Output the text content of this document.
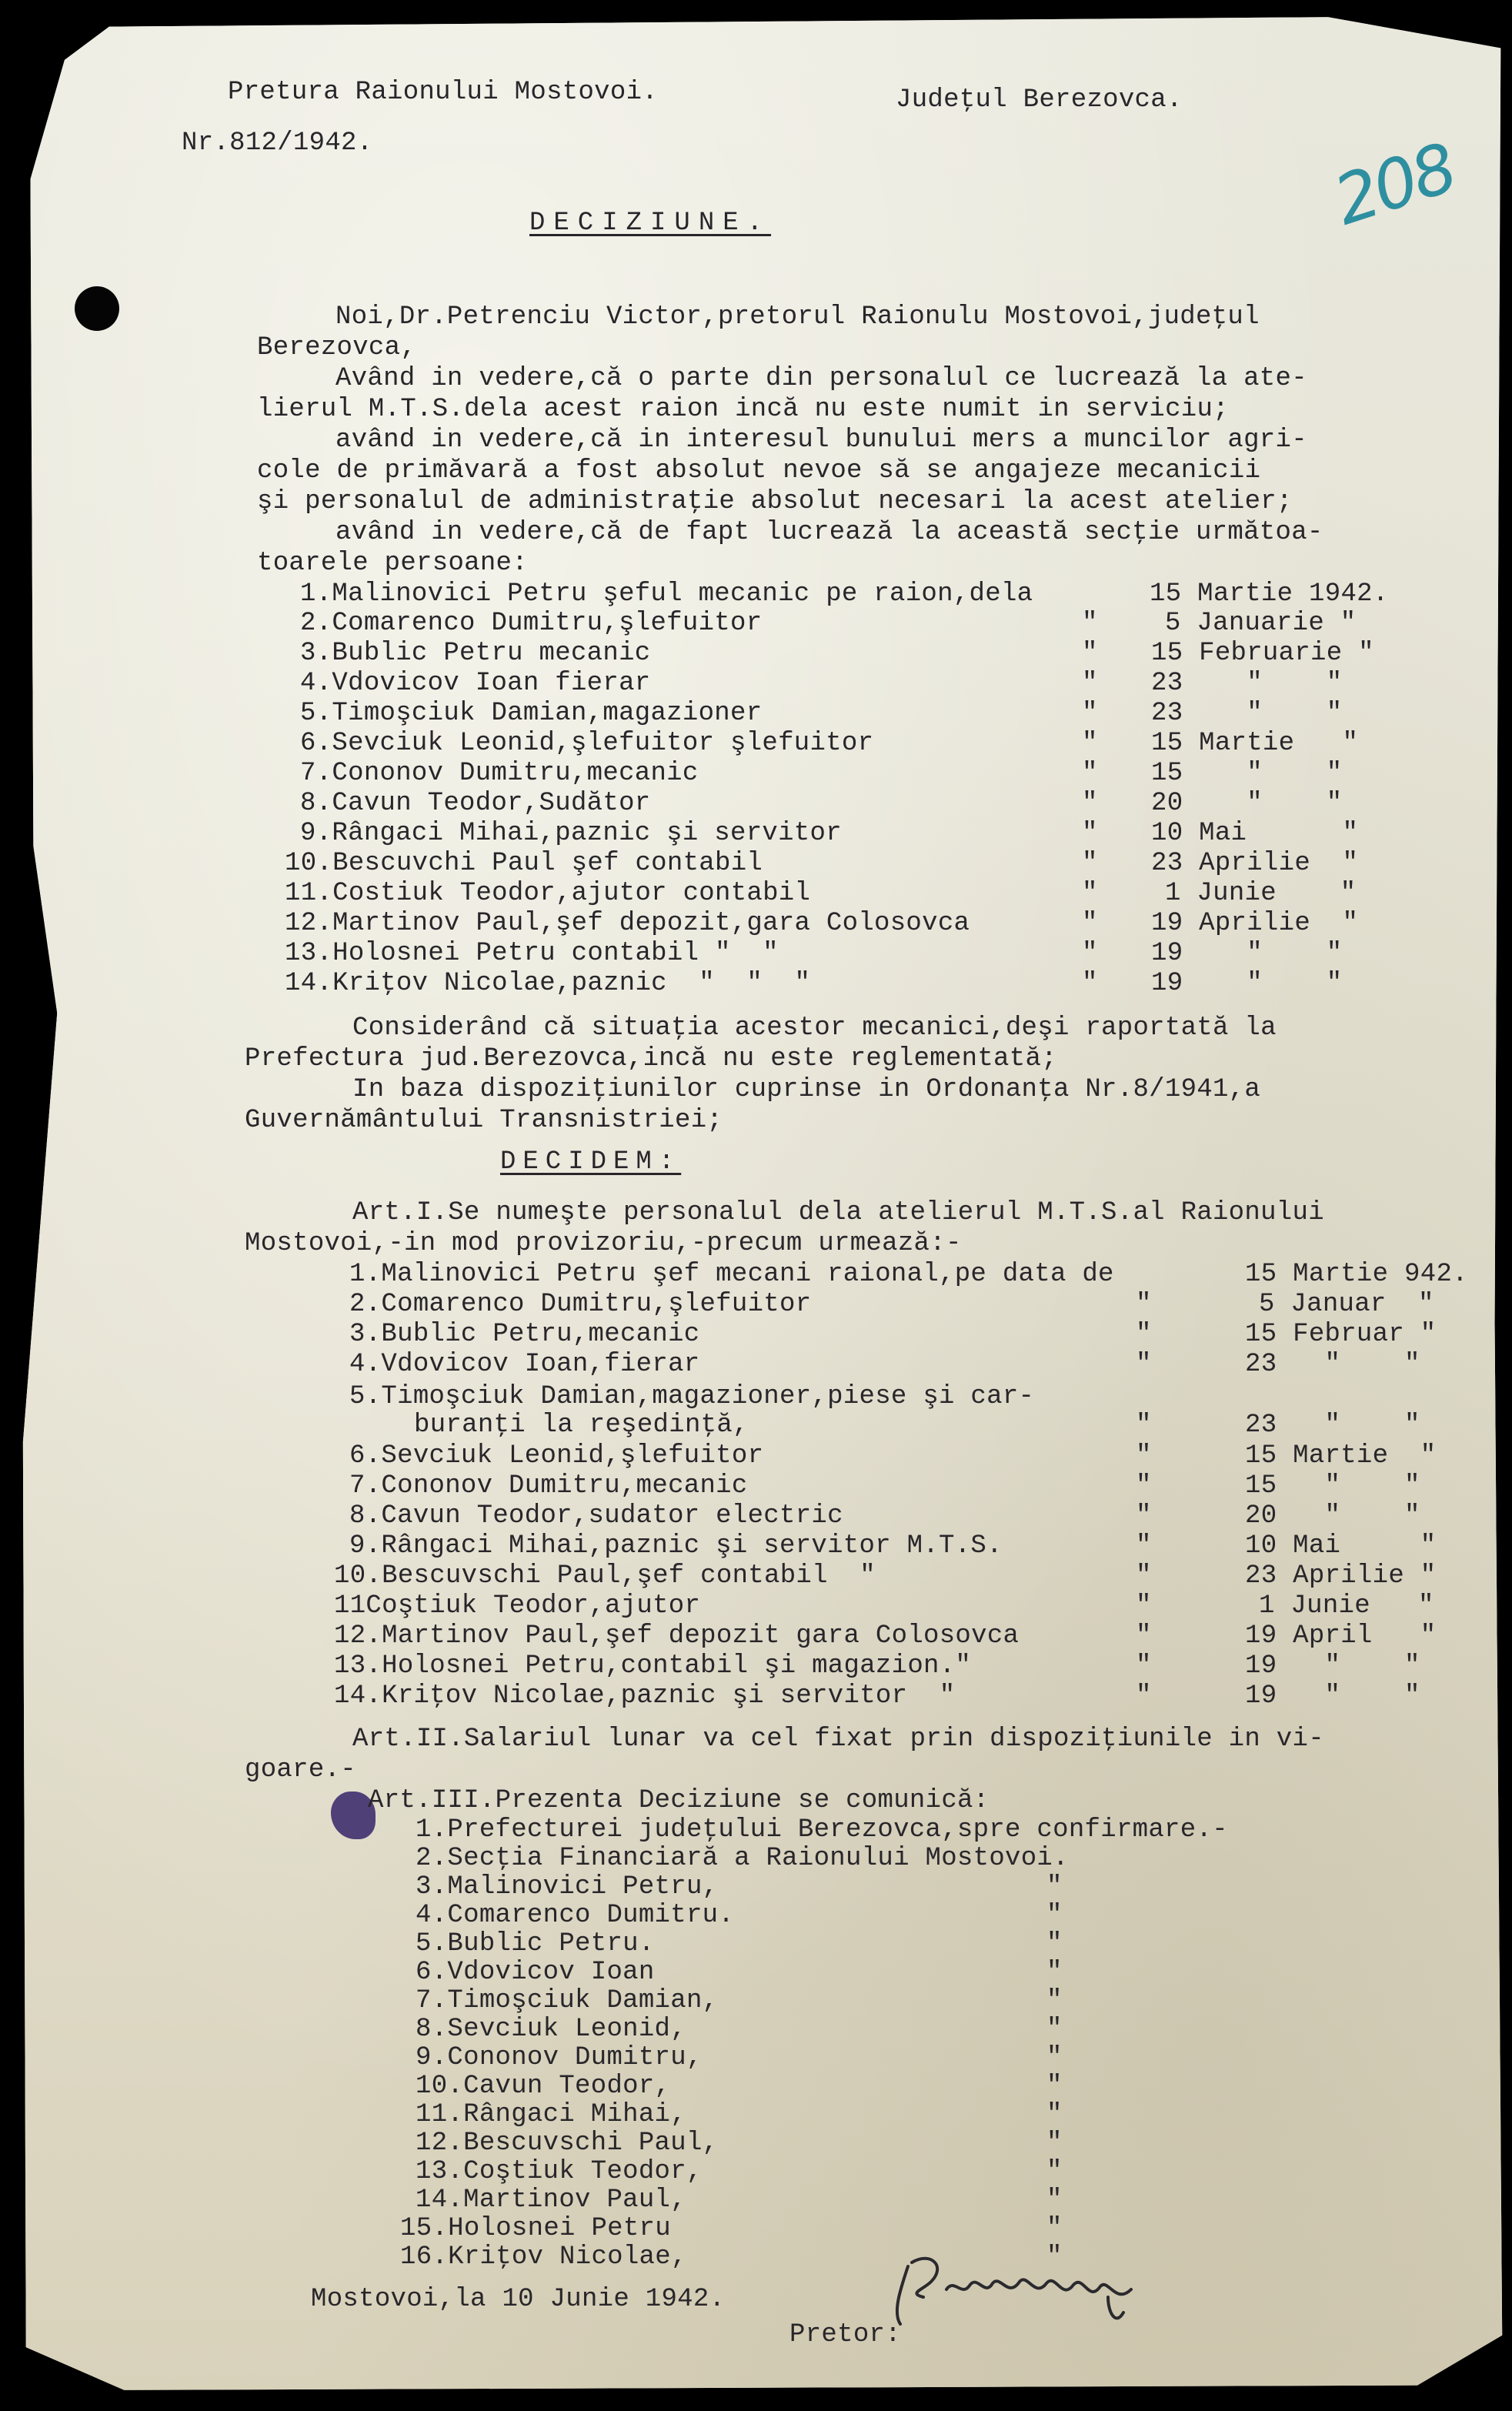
208
Pretura Raionului Mostovoi.	Judeţul Berezovca.
Nr.812/1942.
DECIZIUNE.
Noi,Dr.Petrenciu Victor,pretorul Raionulu Mostovoi,judeţul
Berezovca,
Având in vedere,că o parte din personalul ce lucrează la ate-
lierul M.T.S.dela acest raion incă nu este numit in serviciu;
având in vedere,că in interesul bunului mers a muncilor agri-
cole de primăvară a fost absolut nevoe să se angajeze mecanicii
şi personalul de administraţie absolut necesari la acest atelier;
având in vedere,că de fapt lucrează la această secţie următoa-
toarele persoane:
1.Malinovici Petru şeful mecanic pe raion,dela	15 Martie 1942.
2.Comarenco Dumitru,şlefuitor	"	5 Januarie "
3.Bublic Petru mecanic	" 15 Februarie "
4.Vdovicov Ioan fierar	" 23    "    "
5.Timoşciuk Damian,magazioner	" 23    "    "
6.Sevciuk Leonid,şlefuitor şlefuitor	" 15 Martie   "
7.Cononov Dumitru,mecanic	" 15    "    "
8.Cavun Teodor,Sudător	" 20    "    "
9.Rângaci Mihai,paznic şi servitor	" 10 Mai      "
10.Bescuvchi Paul şef contabil	" 23 Aprilie  "
11.Costiuk Teodor,ajutor contabil	"	1 Junie    "
12.Martinov Paul,şef depozit,gara Colosovca	" 19 Aprilie  "
13.Holosnei Petru contabil "  "	" 19    "    "
14.Kriţov Nicolae,paznic  "  "  "	" 19    "    "
Considerând că situaţia acestor mecanici,deşi raportată la
Prefectura jud.Berezovca,incă nu este reglementată;
In baza dispoziţiunilor cuprinse in Ordonanţa Nr.8/1941,a
Guvernământului Transnistriei;
DECIDEM:
Art.I.Se numeşte personalul dela atelierul M.T.S.al Raionului
Mostovoi,-in mod provizoriu,-precum urmează:-
1.Malinovici Petru şef mecani raional,pe data de	15 Martie 942.
2.Comarenco Dumitru,şlefuitor	"	5 Januar  "
3.Bublic Petru,mecanic	"	15 Februar "
4.Vdovicov Ioan,fierar	"	23   "    "
5.Timoşciuk Damian,magazioner,piese şi car-
buranţi la reşedinţă,	"	23   "    "
6.Sevciuk Leonid,şlefuitor	"	15 Martie  "
7.Cononov Dumitru,mecanic	"	15   "    "
8.Cavun Teodor,sudator electric	"	20   "    "
9.Rângaci Mihai,paznic şi servitor M.T.S.	"	10 Mai     "
10.Bescuvschi Paul,şef contabil  "	"	23 Aprilie "
11Coştiuk Teodor,ajutor	"	1 Junie   "
12.Martinov Paul,şef depozit gara Colosovca	"	19 April   "
13.Holosnei Petru,contabil şi magazion."	"	19   "    "
14.Kriţov Nicolae,paznic şi servitor  "	"	19   "    "
Art.II.Salariul lunar va cel fixat prin dispoziţiunile in vi-
goare.-
Art.III.Prezenta Deciziune se comunică:
1.Prefecturei judeţului Berezovca,spre confirmare.-
2.Secţia Financiară a Raionului Mostovoi.
3.Malinovici Petru,	"
4.Comarenco Dumitru.	"
5.Bublic Petru.	"
6.Vdovicov Ioan	"
7.Timoşciuk Damian,	"
8.Sevciuk Leonid,	"
9.Cononov Dumitru,	"
10.Cavun Teodor,	"
11.Rângaci Mihai,	"
12.Bescuvschi Paul,	"
13.Coştiuk Teodor,	"
14.Martinov Paul,	"
15.Holosnei Petru	"
16.Kriţov Nicolae,	"
Mostovoi,la 10 Junie 1942.
Pretor:
